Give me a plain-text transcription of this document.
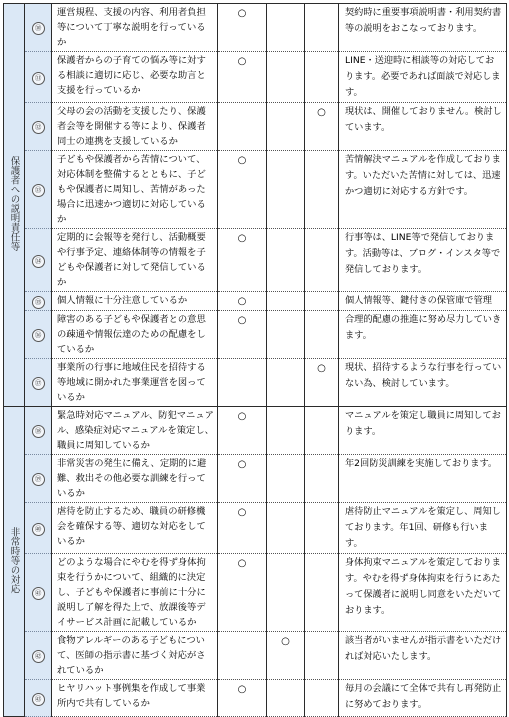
保護者への説明責任等	㉚	運営規程、支援の内容、利用者負担等について丁寧な説明を行っているか	○			契約時に重要事項説明書・利用契約書等の説明をおこなっております。
	㉛	保護者からの子育ての悩み等に対する相談に適切に応じ、必要な助言と支援を行っているか	○			LINE・送迎時に相談等の対応しております。必要であれば面談で対応します。
	㉜	父母の会の活動を支援したり、保護者会等を開催する等により、保護者同士の連携を支援しているか			○	現状は、開催しておりません。検討しています。
	㉝	子どもや保護者から苦情について、対応体制を整備するとともに、子どもや保護者に周知し、苦情があった場合に迅速かつ適切に対応しているか	○			苦情解決マニュアルを作成しております。いただいた苦情に対しては、迅速かつ適切に対応する方針です。
	㉞	定期的に会報等を発行し、活動概要や行事予定、連絡体制等の情報を子どもや保護者に対して発信しているか	○			行事等は、LINE等で発信しております。活動等は、ブログ・インスタ等で発信しております。
	㉟	個人情報に十分注意しているか	○			個人情報等、鍵付きの保管庫で管理
	㊱	障害のある子どもや保護者との意思の疎通や情報伝達のための配慮をしているか	○			合理的配慮の推進に努め尽力していきます。
	㊲	事業所の行事に地域住民を招待する等地域に開かれた事業運営を図っているか			○	現状、招待するような行事を行っていない為、検討しています。
非常時等の対応	㊳	緊急時対応マニュアル、防犯マニュアル、感染症対応マニュアルを策定し、職員に周知しているか	○			マニュアルを策定し職員に周知しております。
	㊴	非常災害の発生に備え、定期的に避難、救出その他必要な訓練を行っているか	○			年2回防災訓練を実施しております。
	㊵	虐待を防止するため、職員の研修機会を確保する等、適切な対応をしているか	○			虐待防止マニュアルを策定し、周知しております。年1回、研修も行います。
	㊶	どのような場合にやむを得ず身体拘束を行うかについて、組織的に決定し、子どもや保護者に事前に十分に説明し了解を得た上で、放課後等デイサービス計画に記載しているか	○			身体拘束マニュアルを策定しております。やむを得ず身体拘束を行うにあたって保護者に説明し同意をいただいております。
	㊷	食物アレルギーのある子どもについて、医師の指示書に基づく対応がされているか		○		該当者がいませんが指示書をいただければ対応いたします。
	㊸	ヒヤリハット事例集を作成して事業所内で共有しているか	○			毎月の会議にて全体で共有し再発防止に努めております。
